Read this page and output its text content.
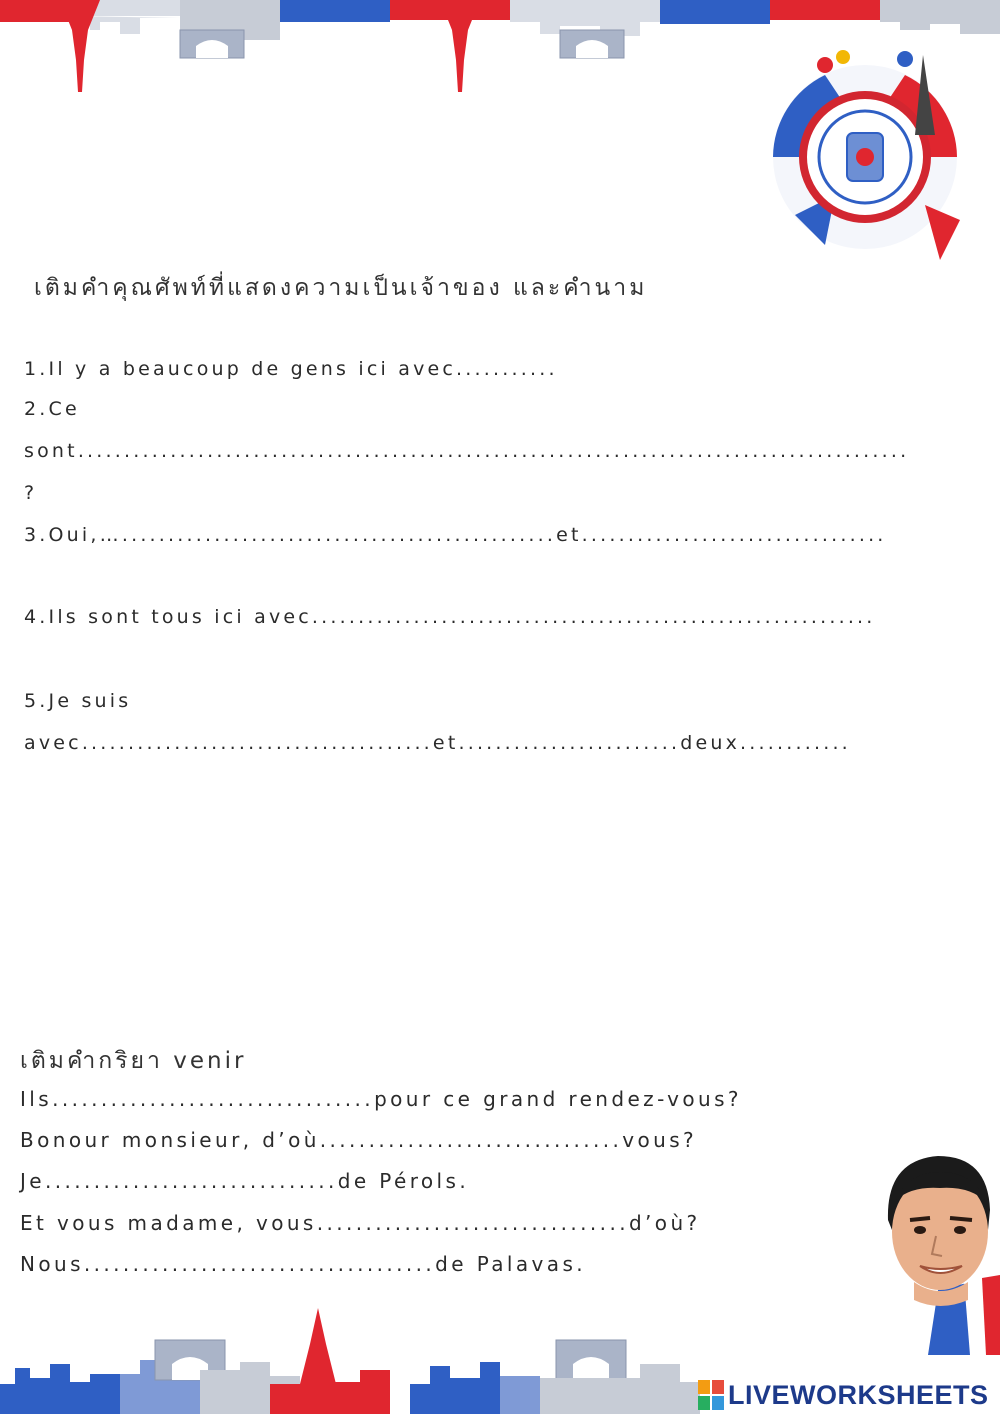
เติมคำคุณศัพท์ที่แสดงความเป็นเจ้าของ และคำนาม

1.Il y a beaucoup de gens ici avec...........

2.Ce

sont..........................................................................................

?

3.Oui,…...............................................et.................................

4.Ils sont tous ici avec.............................................................

5.Je suis

avec......................................et........................deux............

เติมคำกริยา venir

Ils.................................pour ce grand rendez-vous?

Bonour monsieur, d’où...............................vous?

Je..............................de Pérols.

Et vous madame, vous................................d’où?

Nous....................................de Palavas.

LIVEWORKSHEETS
